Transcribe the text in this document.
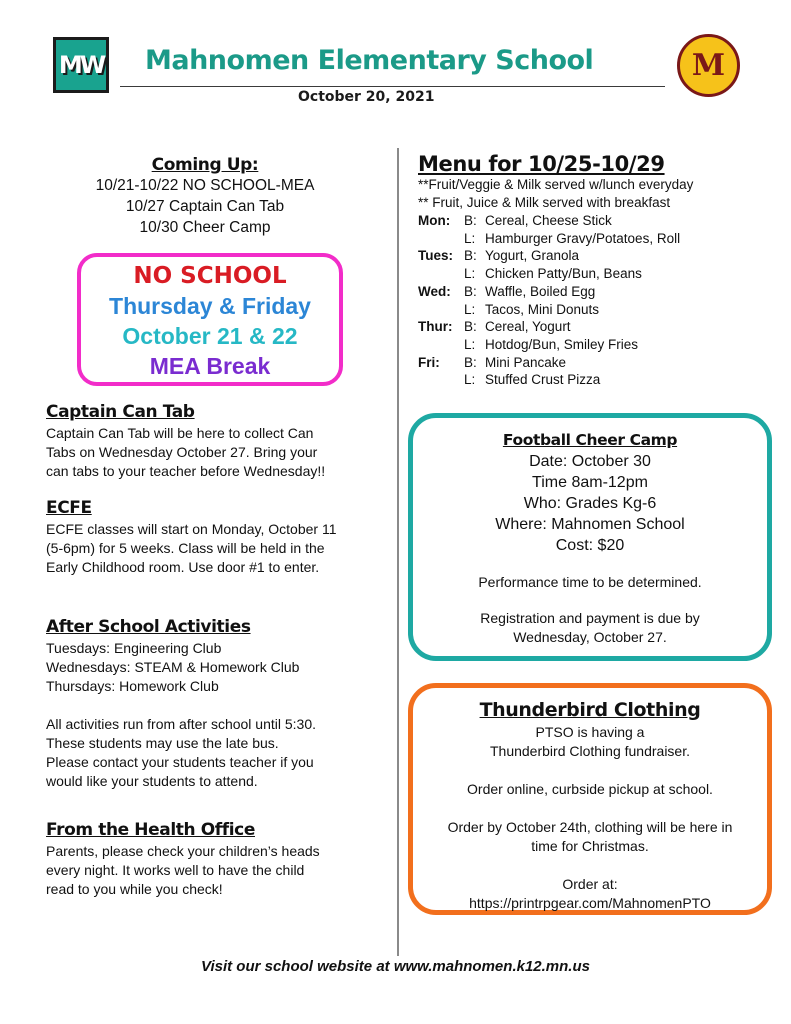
MW Mahnomen Elementary School
October 20, 2021
M
Coming Up:
10/21-10/22 NO SCHOOL-MEA
10/27 Captain Can Tab
10/30 Cheer Camp
NO SCHOOL
Thursday & Friday
October 21 & 22
MEA Break
Captain Can Tab
Captain Can Tab will be here to collect Can
Tabs on Wednesday October 27. Bring your
can tabs to your teacher before Wednesday!!
ECFE
ECFE classes will start on Monday, October 11
(5-6pm) for 5 weeks. Class will be held in the
Early Childhood room. Use door #1 to enter.
After School Activities
Tuesdays: Engineering Club
Wednesdays: STEAM & Homework Club
Thursdays: Homework Club
All activities run from after school until 5:30.
These students may use the late bus.
Please contact your students teacher if you
would like your students to attend.
From the Health Office
Parents, please check your children’s heads
every night. It works well to have the child
read to you while you check!
Menu for 10/25-10/29
**Fruit/Veggie & Milk served w/lunch everyday
** Fruit, Juice & Milk served with breakfast
Mon:	B: Cereal, Cheese Stick
L: Hamburger Gravy/Potatoes, Roll
Tues: B: Yogurt, Granola
L: Chicken Patty/Bun, Beans
Wed: B: Waffle, Boiled Egg
L: Tacos, Mini Donuts
Thur: B: Cereal, Yogurt
L: Hotdog/Bun, Smiley Fries
Fri:	B: Mini Pancake
L: Stuffed Crust Pizza
Football Cheer Camp
Date: October 30
Time 8am-12pm
Who: Grades Kg-6
Where: Mahnomen School
Cost: $20
Performance time to be determined.
Registration and payment is due by
Wednesday, October 27.
Thunderbird Clothing
PTSO is having a
Thunderbird Clothing fundraiser.
Order online, curbside pickup at school.
Order by October 24th, clothing will be here in
time for Christmas.
Order at:
https://printrpgear.com/MahnomenPTO
Visit our school website at www.mahnomen.k12.mn.us
